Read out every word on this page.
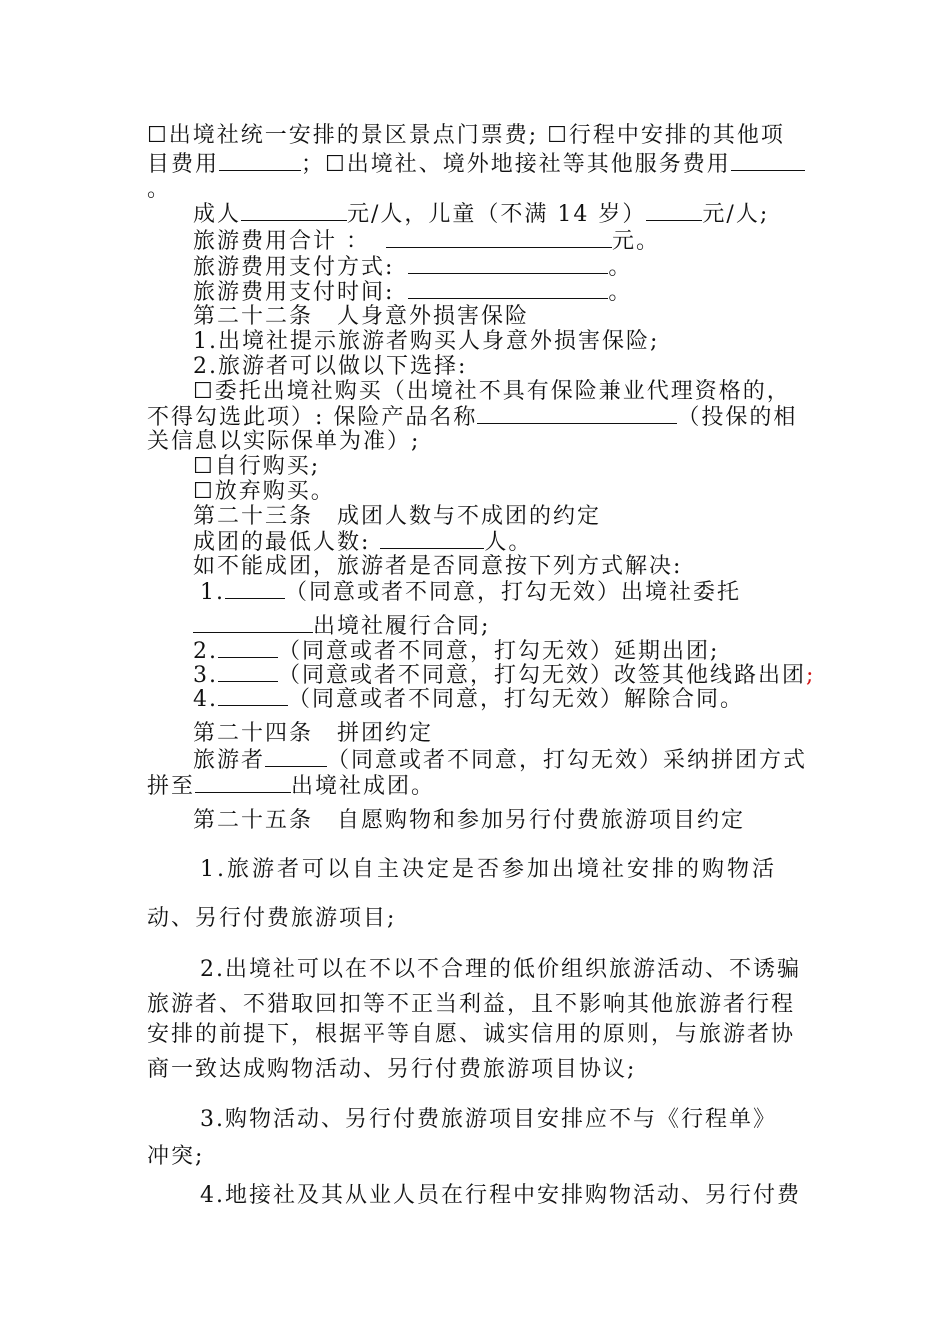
☐出境社统一安排的景区景点门票费; ☐行程中安排的其他项

目费用	；☐出境社、境外地接社等其他服务费用

。

成人	元/人，儿童（不满 14 岁）	元/人;

旅游费用合计 ：	元。

旅游费用支付方式:	。

旅游费用支付时间:	。

第二十二条　人身意外损害保险

1.出境社提示旅游者购买人身意外损害保险;

2.旅游者可以做以下选择:

☐委托出境社购买（出境社不具有保险兼业代理资格的，

不得勾选此项）: 保险产品名称	（投保的相

关信息以实际保单为准）;

☐自行购买;

☐放弃购买。

第二十三条　成团人数与不成团的约定

成团的最低人数:	人。

如不能成团，旅游者是否同意按下列方式解决:

1.	（同意或者不同意，打勾无效）出境社委托

出境社履行合同;

2.	（同意或者不同意，打勾无效）延期出团;

3.	（同意或者不同意，打勾无效）改签其他线路出团;

4.	（同意或者不同意，打勾无效）解除合同。

第二十四条　拼团约定

旅游者	（同意或者不同意，打勾无效）采纳拼团方式

拼至	出境社成团。

第二十五条　自愿购物和参加另行付费旅游项目约定

1.旅游者可以自主决定是否参加出境社安排的购物活

动、另行付费旅游项目;

2.出境社可以在不以不合理的低价组织旅游活动、不诱骗

旅游者、不猎取回扣等不正当利益，且不影响其他旅游者行程

安排的前提下，根据平等自愿、诚实信用的原则，与旅游者协

商一致达成购物活动、另行付费旅游项目协议;

3.购物活动、另行付费旅游项目安排应不与《行程单》

冲突;

4.地接社及其从业人员在行程中安排购物活动、另行付费
